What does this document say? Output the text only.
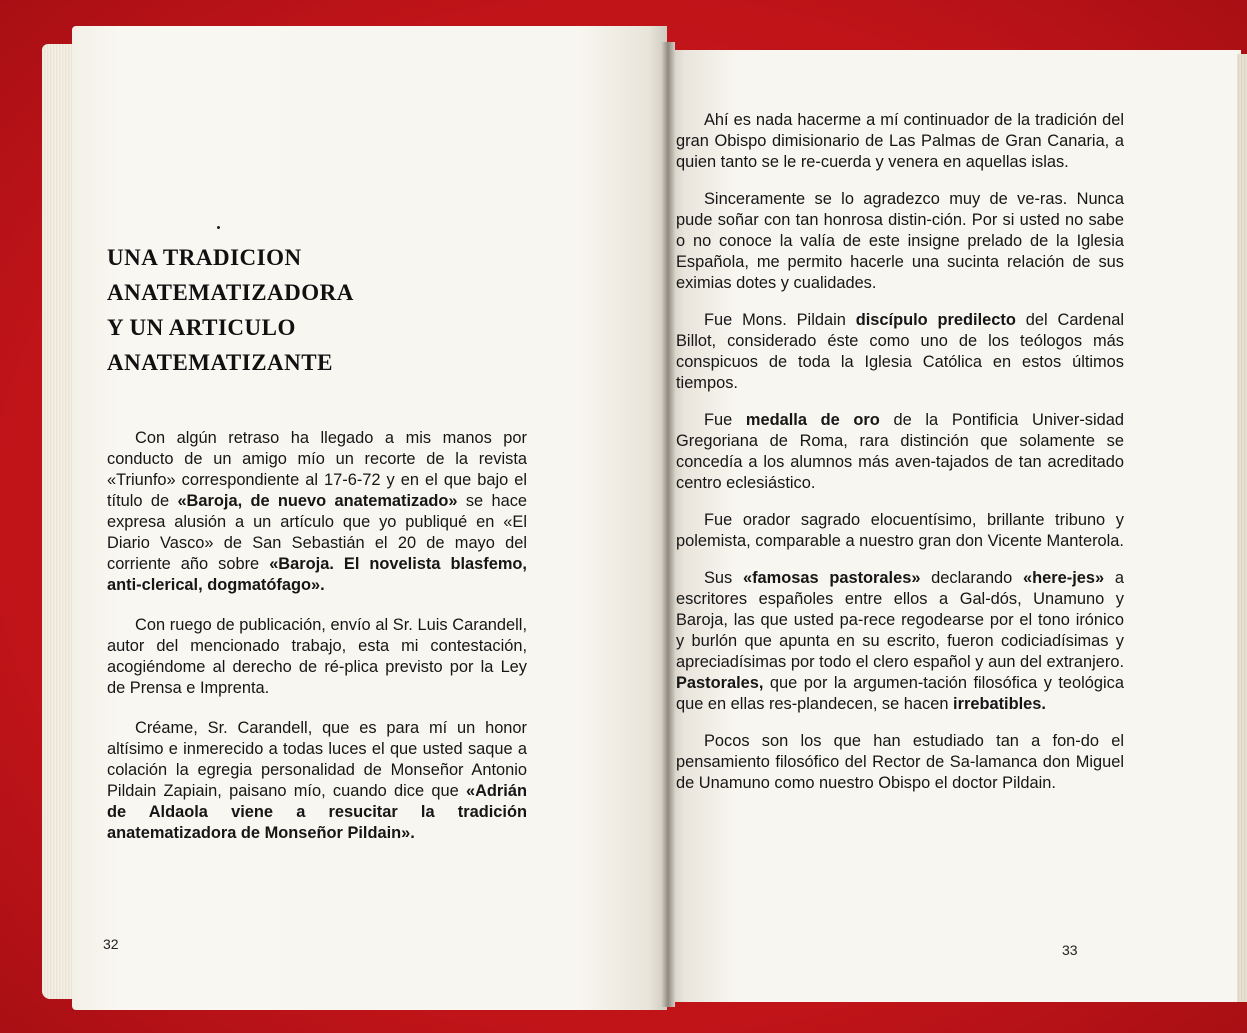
UNA TRADICION
ANATEMATIZADORA
Y UN ARTICULO
ANATEMATIZANTE

Con algún retraso ha llegado a mis manos por conducto de un amigo mío un recorte de la revista «Triunfo» correspondiente al 17-6-72 y en el que bajo el título de «Baroja, de nuevo anatematizado» se hace expresa alusión a un artículo que yo publiqué en «El Diario Vasco» de San Sebastián el 20 de mayo del corriente año sobre «Baroja. El novelista blasfemo, anti-clerical, dogmatófago».

Con ruego de publicación, envío al Sr. Luis Carandell, autor del mencionado trabajo, esta mi contestación, acogiéndome al derecho de ré-plica previsto por la Ley de Prensa e Imprenta.

Créame, Sr. Carandell, que es para mí un honor altísimo e inmerecido a todas luces el que usted saque a colación la egregia personalidad de Monseñor Antonio Pildain Zapiain, paisano mío, cuando dice que «Adrián de Aldaola viene a resucitar la tradición anatematizadora de Monseñor Pildain».

32

Ahí es nada hacerme a mí continuador de la tradición del gran Obispo dimisionario de Las Palmas de Gran Canaria, a quien tanto se le re-cuerda y venera en aquellas islas.

Sinceramente se lo agradezco muy de ve-ras. Nunca pude soñar con tan honrosa distin-ción. Por si usted no sabe o no conoce la valía de este insigne prelado de la Iglesia Española, me permito hacerle una sucinta relación de sus eximias dotes y cualidades.

Fue Mons. Pildain discípulo predilecto del Cardenal Billot, considerado éste como uno de los teólogos más conspicuos de toda la Iglesia Católica en estos últimos tiempos.

Fue medalla de oro de la Pontificia Univer-sidad Gregoriana de Roma, rara distinción que solamente se concedía a los alumnos más aven-tajados de tan acreditado centro eclesiástico.

Fue orador sagrado elocuentísimo, brillante tribuno y polemista, comparable a nuestro gran don Vicente Manterola.

Sus «famosas pastorales» declarando «here-jes» a escritores españoles entre ellos a Gal-dós, Unamuno y Baroja, las que usted pa-rece regodearse por el tono irónico y burlón que apunta en su escrito, fueron codiciadísimas y apreciadísimas por todo el clero español y aun del extranjero. Pastorales, que por la argumen-tación filosófica y teológica que en ellas res-plandecen, se hacen irrebatibles.

Pocos son los que han estudiado tan a fon-do el pensamiento filosófico del Rector de Sa-lamanca don Miguel de Unamuno como nuestro Obispo el doctor Pildain.

33
